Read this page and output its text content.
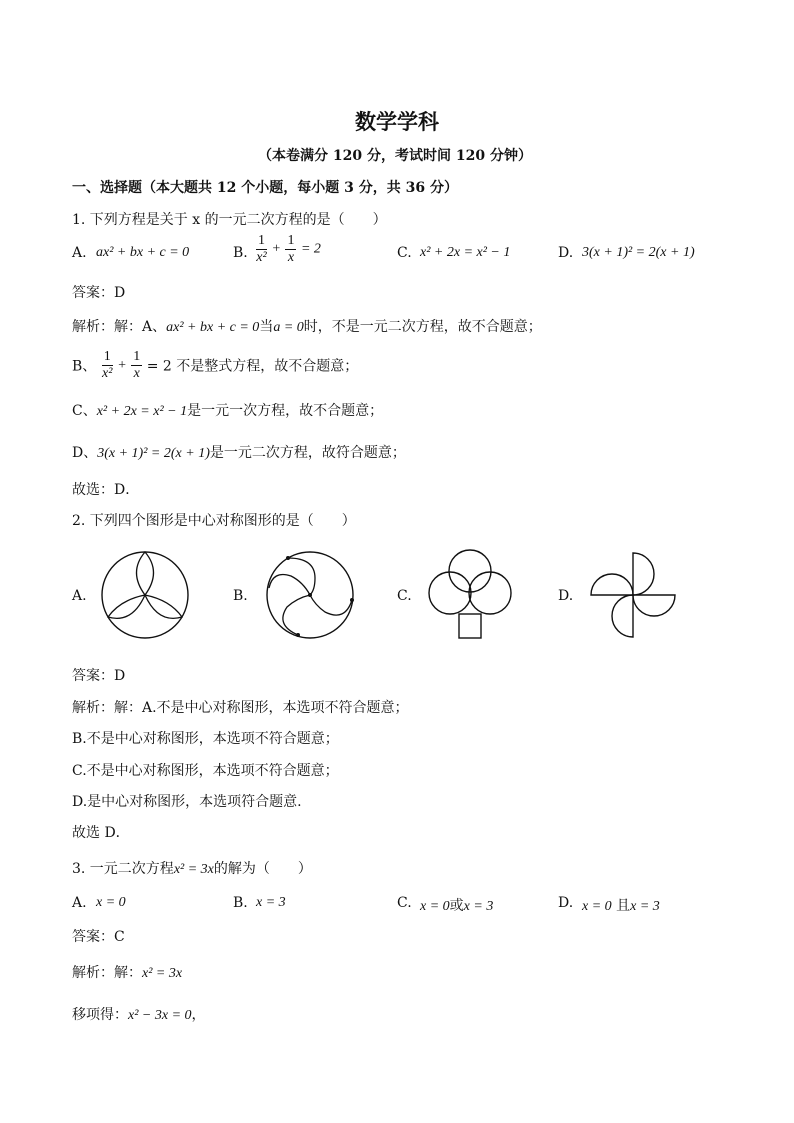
数学学科
（本卷满分 120 分，考试时间 120 分钟）
一、选择题（本大题共 12 个小题，每小题 3 分，共 36 分）
1. 下列方程是关于 x 的一元二次方程的是（　　）
A. ax² + bx + c = 0	B. $\frac{1}{\text{x²}} + \frac{1}{x} = 2$	C. x² + 2x = x² − 1	D. 3(x + 1)² = 2(x + 1)
答案：D
解析：解：A、ax² + bx + c = 0当a = 0时，不是一元二次方程，故不合题意；
B、 $\frac{1}{\text{x²}} + \frac{1}{x} = 2$ 不是整式方程，故不合题意；
C、x² + 2x = x² − 1是一元一次方程，故不合题意；
D、3(x + 1)² = 2(x + 1)是一元二次方程，故符合题意；
故选：D．
2. 下列四个图形是中心对称图形的是（　　）
A.	B.	C.	D.
答案：D
解析：解：A.不是中心对称图形，本选项不符合题意；
B.不是中心对称图形，本选项不符合题意；
C.不是中心对称图形，本选项不符合题意；
D.是中心对称图形，本选项符合题意.
故选 D．
3. 一元二次方程x² = 3x的解为（　　）
A. x = 0	B. x = 3	C. x = 0或x = 3	D. x = 0 且x = 3
答案：C
解析：解：x² = 3x
移项得：x² − 3x = 0，
